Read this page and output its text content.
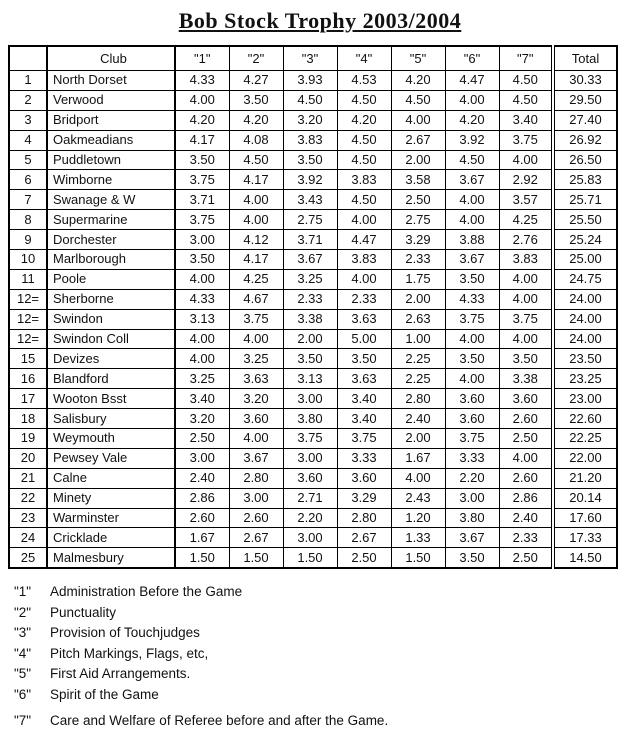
Bob Stock Trophy 2003/2004
	Club	"1"	"2"	"3"	"4"	"5"	"6"	"7"	Total
1	North Dorset	4.33	4.27	3.93	4.53	4.20	4.47	4.50	30.33
2	Verwood	4.00	3.50	4.50	4.50	4.50	4.00	4.50	29.50
3	Bridport	4.20	4.20	3.20	4.20	4.00	4.20	3.40	27.40
4	Oakmeadians	4.17	4.08	3.83	4.50	2.67	3.92	3.75	26.92
5	Puddletown	3.50	4.50	3.50	4.50	2.00	4.50	4.00	26.50
6	Wimborne	3.75	4.17	3.92	3.83	3.58	3.67	2.92	25.83
7	Swanage & W	3.71	4.00	3.43	4.50	2.50	4.00	3.57	25.71
8	Supermarine	3.75	4.00	2.75	4.00	2.75	4.00	4.25	25.50
9	Dorchester	3.00	4.12	3.71	4.47	3.29	3.88	2.76	25.24
10	Marlborough	3.50	4.17	3.67	3.83	2.33	3.67	3.83	25.00
11	Poole	4.00	4.25	3.25	4.00	1.75	3.50	4.00	24.75
12=	Sherborne	4.33	4.67	2.33	2.33	2.00	4.33	4.00	24.00
12=	Swindon	3.13	3.75	3.38	3.63	2.63	3.75	3.75	24.00
12=	Swindon Coll	4.00	4.00	2.00	5.00	1.00	4.00	4.00	24.00
15	Devizes	4.00	3.25	3.50	3.50	2.25	3.50	3.50	23.50
16	Blandford	3.25	3.63	3.13	3.63	2.25	4.00	3.38	23.25
17	Wooton Bsst	3.40	3.20	3.00	3.40	2.80	3.60	3.60	23.00
18	Salisbury	3.20	3.60	3.80	3.40	2.40	3.60	2.60	22.60
19	Weymouth	2.50	4.00	3.75	3.75	2.00	3.75	2.50	22.25
20	Pewsey Vale	3.00	3.67	3.00	3.33	1.67	3.33	4.00	22.00
21	Calne	2.40	2.80	3.60	3.60	4.00	2.20	2.60	21.20
22	Minety	2.86	3.00	2.71	3.29	2.43	3.00	2.86	20.14
23	Warminster	2.60	2.60	2.20	2.80	1.20	3.80	2.40	17.60
24	Cricklade	1.67	2.67	3.00	2.67	1.33	3.67	2.33	17.33
25	Malmesbury	1.50	1.50	1.50	2.50	1.50	3.50	2.50	14.50
"1"	Administration Before the Game
"2"	Punctuality
"3"	Provision of Touchjudges
"4"	Pitch Markings, Flags, etc,
"5"	First Aid Arrangements.
"6"	Spirit of the Game
"7"	Care and Welfare of Referee before and after the Game.
